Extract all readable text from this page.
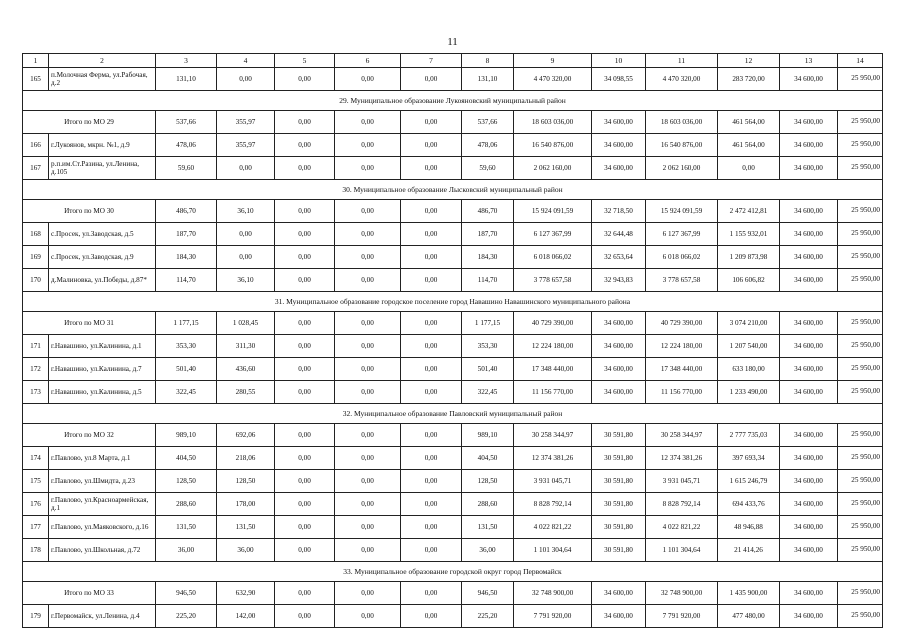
11
1	2	3	4	5	6	7	8	9	10	11	12	13	14
165	п.Молочная Ферма, ул.Рабочая, д.2	131,10	0,00	0,00	0,00	0,00	131,10	4 470 320,00	34 098,55	4 470 320,00	283 720,00	34 600,00	25 950,00
29. Муниципальное образование Лукояновский муниципальный район													
Итого по МО 29		537,66	355,97	0,00	0,00	0,00	537,66	18 603 036,00	34 600,00	18 603 036,00	461 564,00	34 600,00	25 950,00
166	г.Лукоянов, мкрн. №1, д.9	478,06	355,97	0,00	0,00	0,00	478,06	16 540 876,00	34 600,00	16 540 876,00	461 564,00	34 600,00	25 950,00
167	р.п.им.Ст.Разина, ул.Ленина, д.105	59,60	0,00	0,00	0,00	0,00	59,60	2 062 160,00	34 600,00	2 062 160,00	0,00	34 600,00	25 950,00
30. Муниципальное образование Лысковский муниципальный район													
Итого по МО 30		486,70	36,10	0,00	0,00	0,00	486,70	15 924 091,59	32 718,50	15 924 091,59	2 472 412,81	34 600,00	25 950,00
168	с.Просек, ул.Заводская, д.5	187,70	0,00	0,00	0,00	0,00	187,70	6 127 367,99	32 644,48	6 127 367,99	1 155 932,01	34 600,00	25 950,00
169	с.Просек, ул.Заводская, д.9	184,30	0,00	0,00	0,00	0,00	184,30	6 018 066,02	32 653,64	6 018 066,02	1 209 873,98	34 600,00	25 950,00
170	д.Малиновка, ул.Победы, д.87*	114,70	36,10	0,00	0,00	0,00	114,70	3 778 657,58	32 943,83	3 778 657,58	106 606,82	34 600,00	25 950,00
31. Муниципальное образование городское поселение город Навашино Навашинского муниципального района													
Итого по МО 31		1 177,15	1 028,45	0,00	0,00	0,00	1 177,15	40 729 390,00	34 600,00	40 729 390,00	3 074 210,00	34 600,00	25 950,00
171	г.Навашино, ул.Калинина, д.1	353,30	311,30	0,00	0,00	0,00	353,30	12 224 180,00	34 600,00	12 224 180,00	1 207 540,00	34 600,00	25 950,00
172	г.Навашино, ул.Калинина, д.7	501,40	436,60	0,00	0,00	0,00	501,40	17 348 440,00	34 600,00	17 348 440,00	633 180,00	34 600,00	25 950,00
173	г.Навашино, ул.Калинина, д.5	322,45	280,55	0,00	0,00	0,00	322,45	11 156 770,00	34 600,00	11 156 770,00	1 233 490,00	34 600,00	25 950,00
32. Муниципальное образование Павловский муниципальный район													
Итого по МО 32		989,10	692,06	0,00	0,00	0,00	989,10	30 258 344,97	30 591,80	30 258 344,97	2 777 735,03	34 600,00	25 950,00
174	г.Павлово, ул.8 Марта, д.1	404,50	218,06	0,00	0,00	0,00	404,50	12 374 381,26	30 591,80	12 374 381,26	397 693,34	34 600,00	25 950,00
175	г.Павлово, ул.Шмидта, д.23	128,50	128,50	0,00	0,00	0,00	128,50	3 931 045,71	30 591,80	3 931 045,71	1 615 246,79	34 600,00	25 950,00
176	г.Павлово, ул.Красноармейская, д.1	288,60	178,00	0,00	0,00	0,00	288,60	8 828 792,14	30 591,80	8 828 792,14	694 433,76	34 600,00	25 950,00
177	г.Павлово, ул.Маяковского, д.16	131,50	131,50	0,00	0,00	0,00	131,50	4 022 821,22	30 591,80	4 022 821,22	48 946,88	34 600,00	25 950,00
178	г.Павлово, ул.Школьная, д.72	36,00	36,00	0,00	0,00	0,00	36,00	1 101 304,64	30 591,80	1 101 304,64	21 414,26	34 600,00	25 950,00
33. Муниципальное образование городской округ город Первомайск													
Итого по МО 33		946,50	632,90	0,00	0,00	0,00	946,50	32 748 900,00	34 600,00	32 748 900,00	1 435 900,00	34 600,00	25 950,00
179	г.Первомайск, ул.Ленина, д.4	225,20	142,00	0,00	0,00	0,00	225,20	7 791 920,00	34 600,00	7 791 920,00	477 480,00	34 600,00	25 950,00
